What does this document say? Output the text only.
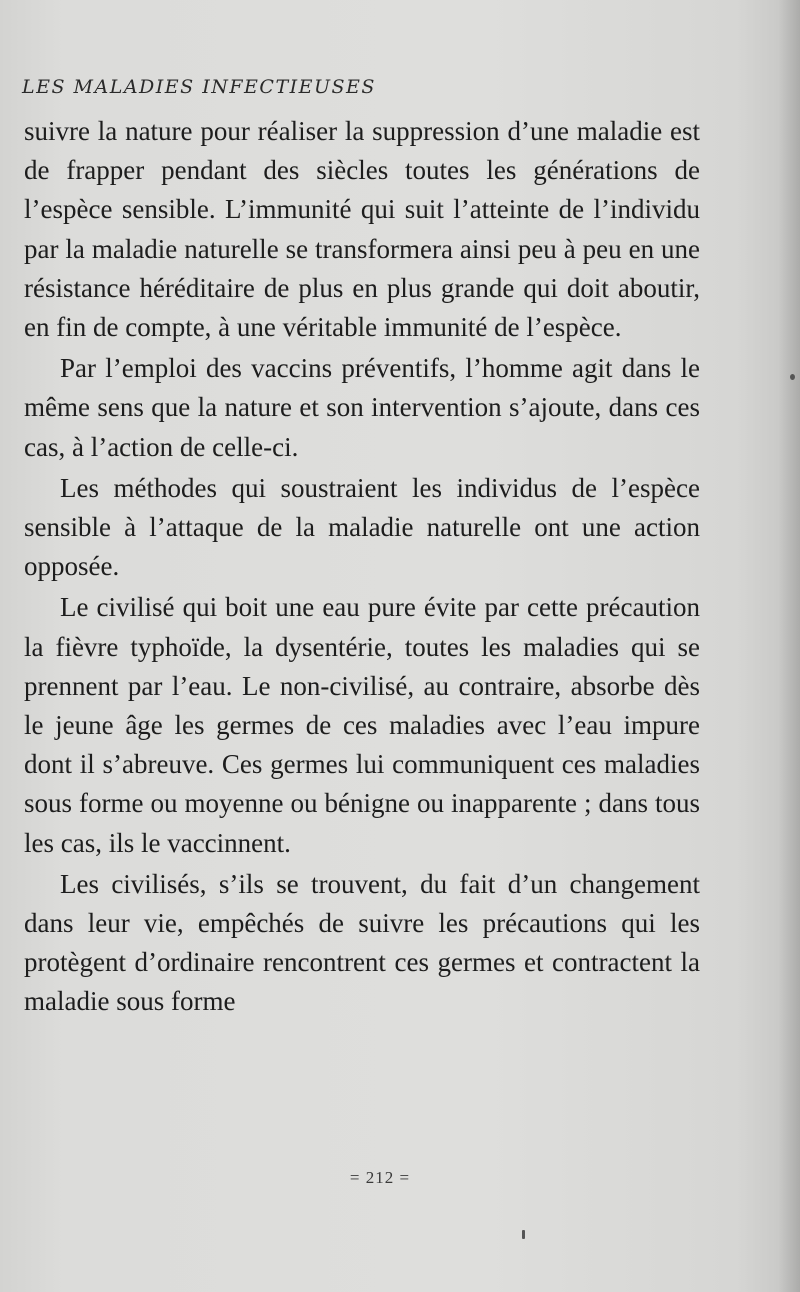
LES MALADIES INFECTIEUSES

suivre la nature pour réaliser la suppression d’une maladie est de frapper pendant des siècles toutes les générations de l’espèce sensible. L’immunité qui suit l’atteinte de l’individu par la maladie naturelle se transformera ainsi peu à peu en une résistance héréditaire de plus en plus grande qui doit aboutir, en fin de compte, à une véritable immunité de l’espèce.

Par l’emploi des vaccins préventifs, l’homme agit dans le même sens que la nature et son intervention s’ajoute, dans ces cas, à l’action de celle-ci.

Les méthodes qui soustraient les individus de l’espèce sensible à l’attaque de la maladie naturelle ont une action opposée.

Le civilisé qui boit une eau pure évite par cette précaution la fièvre typhoïde, la dysentérie, toutes les maladies qui se prennent par l’eau. Le non-civilisé, au contraire, absorbe dès le jeune âge les germes de ces maladies avec l’eau impure dont il s’abreuve. Ces germes lui communiquent ces maladies sous forme ou moyenne ou bénigne ou inapparente ; dans tous les cas, ils le vaccinnent.

Les civilisés, s’ils se trouvent, du fait d’un changement dans leur vie, empêchés de suivre les précautions qui les protègent d’ordinaire rencontrent ces germes et contractent la maladie sous forme

= 212 =
